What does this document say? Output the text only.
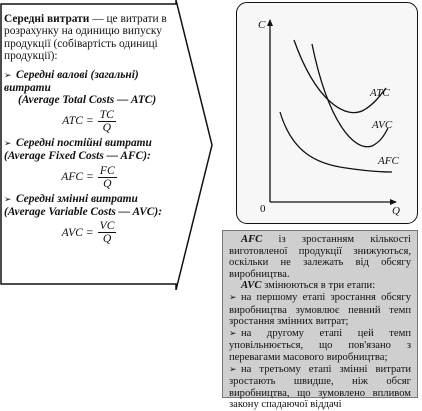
Середні витрати — це витрати в розрахунку на одиницю випуску продукції (собівартість одиниці продукції):

➢ Середні валові (загальні) витрати

(Average Total Costs — ATC)

ATC = $\frac{TC}{Q}$

➢ Середні постійні витрати

(Average Fixed Costs — AFC):

AFC = $\frac{FC}{Q}$

➢ Середні змінні витрати

(Average Variable Costs — AVC):

AVC = $\frac{VC}{Q}$
C
Q
0
ATC
AVC
AFC

AFC із зростанням кількості виготовленої продукції знижуються, оскільки не залежать від обсягу виробництва.

AVC змінюються в три етапи:

➢ на першому етапі зростання обсягу виробництва зумовлює певний темп зростання змінних витрат;

➢ на другому етапі цей темп уповільнюється, що пов'язано з перевагами масового виробництва;

➢ на третьому етапі змінні витрати зростають швидше, ніж обсяг виробництва, що зумовлено впливом закону спадаючої віддачі
